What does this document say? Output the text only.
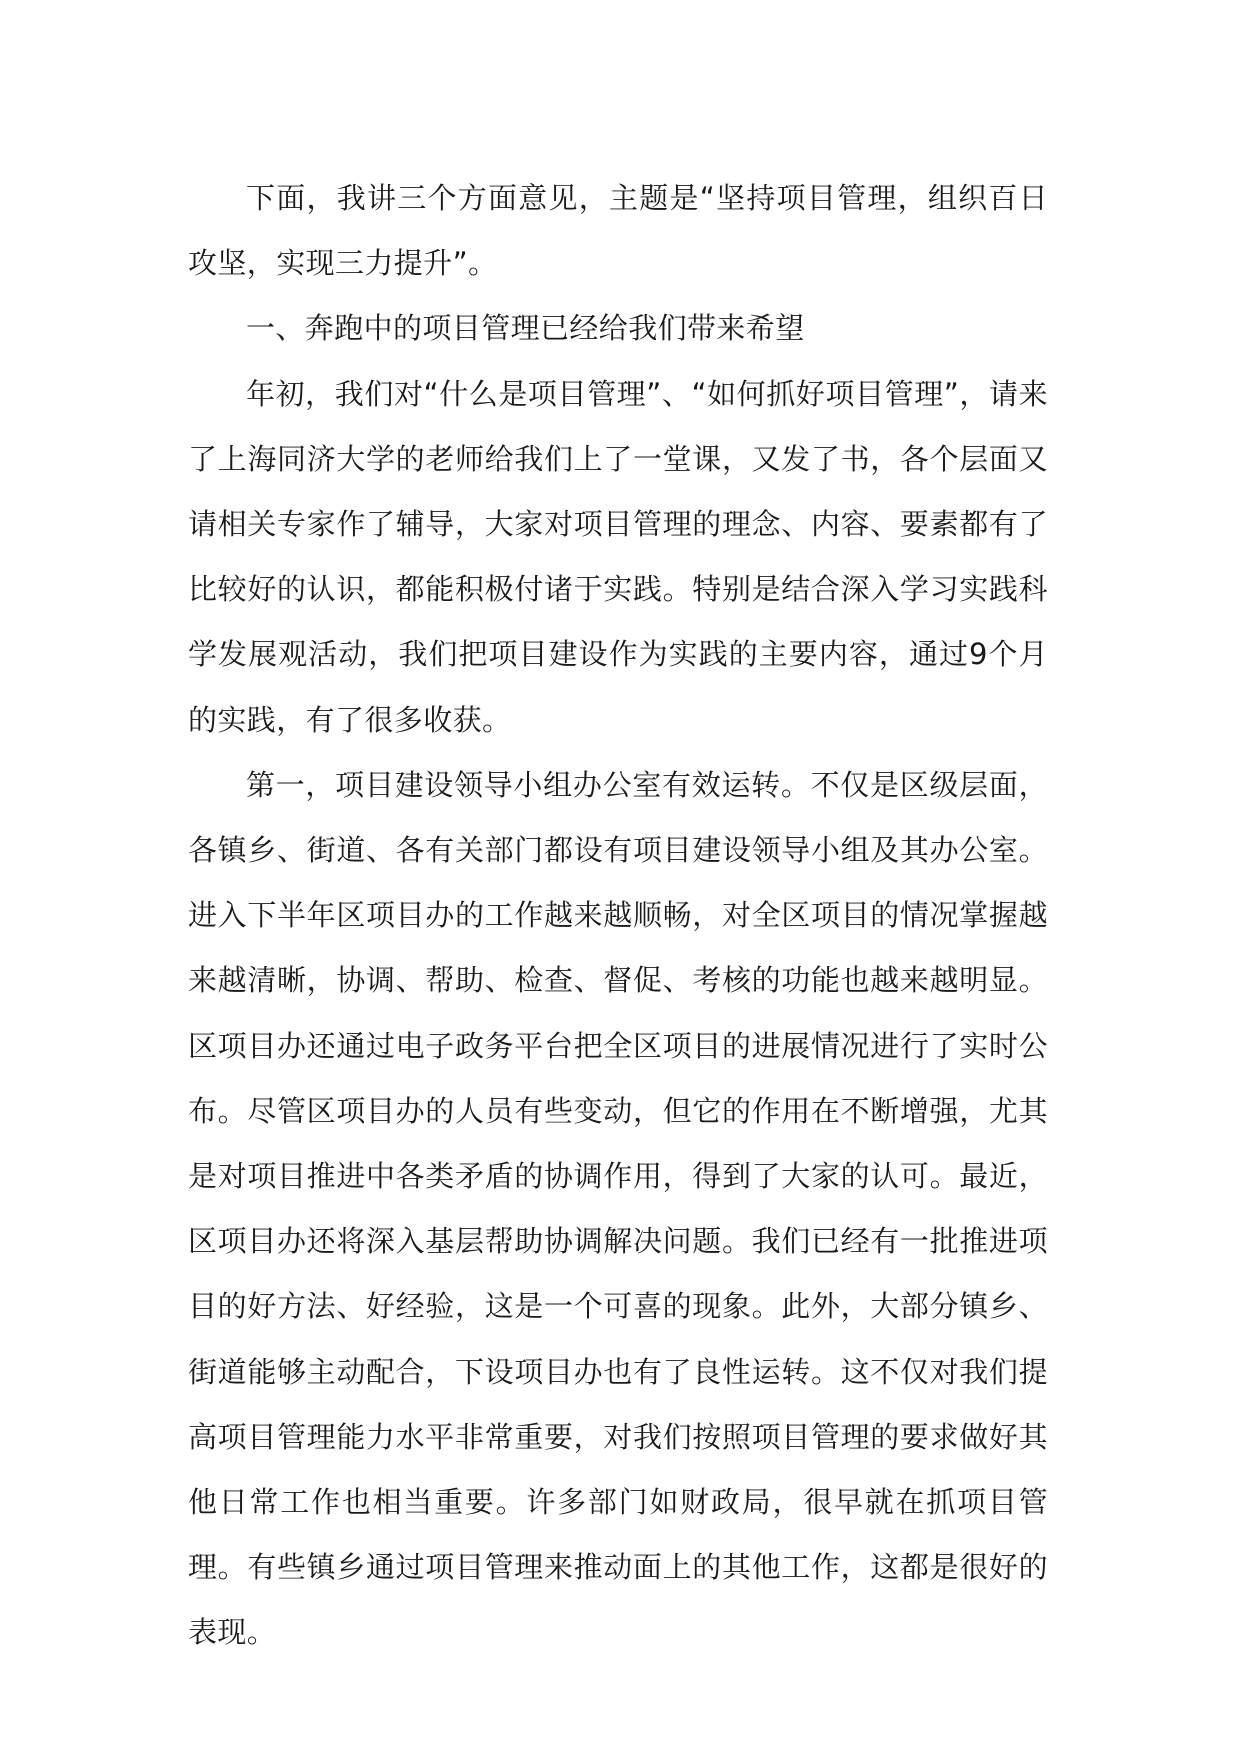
下面，我讲三个方面意见，主题是“坚持项目管理，组织百日攻坚，实现三力提升”。

一、奔跑中的项目管理已经给我们带来希望

年初，我们对“什么是项目管理”、“如何抓好项目管理”，请来了上海同济大学的老师给我们上了一堂课，又发了书，各个层面又请相关专家作了辅导，大家对项目管理的理念、内容、要素都有了比较好的认识，都能积极付诸于实践。特别是结合深入学习实践科学发展观活动，我们把项目建设作为实践的主要内容，通过9个月的实践，有了很多收获。

第一，项目建设领导小组办公室有效运转。不仅是区级层面，各镇乡、街道、各有关部门都设有项目建设领导小组及其办公室。进入下半年区项目办的工作越来越顺畅，对全区项目的情况掌握越来越清晰，协调、帮助、检查、督促、考核的功能也越来越明显。区项目办还通过电子政务平台把全区项目的进展情况进行了实时公布。尽管区项目办的人员有些变动，但它的作用在不断增强，尤其是对项目推进中各类矛盾的协调作用，得到了大家的认可。最近，区项目办还将深入基层帮助协调解决问题。我们已经有一批推进项目的好方法、好经验，这是一个可喜的现象。此外，大部分镇乡、街道能够主动配合，下设项目办也有了良性运转。这不仅对我们提高项目管理能力水平非常重要，对我们按照项目管理的要求做好其他日常工作也相当重要。许多部门如财政局，很早就在抓项目管理。有些镇乡通过项目管理来推动面上的其他工作，这都是很好的表现。
